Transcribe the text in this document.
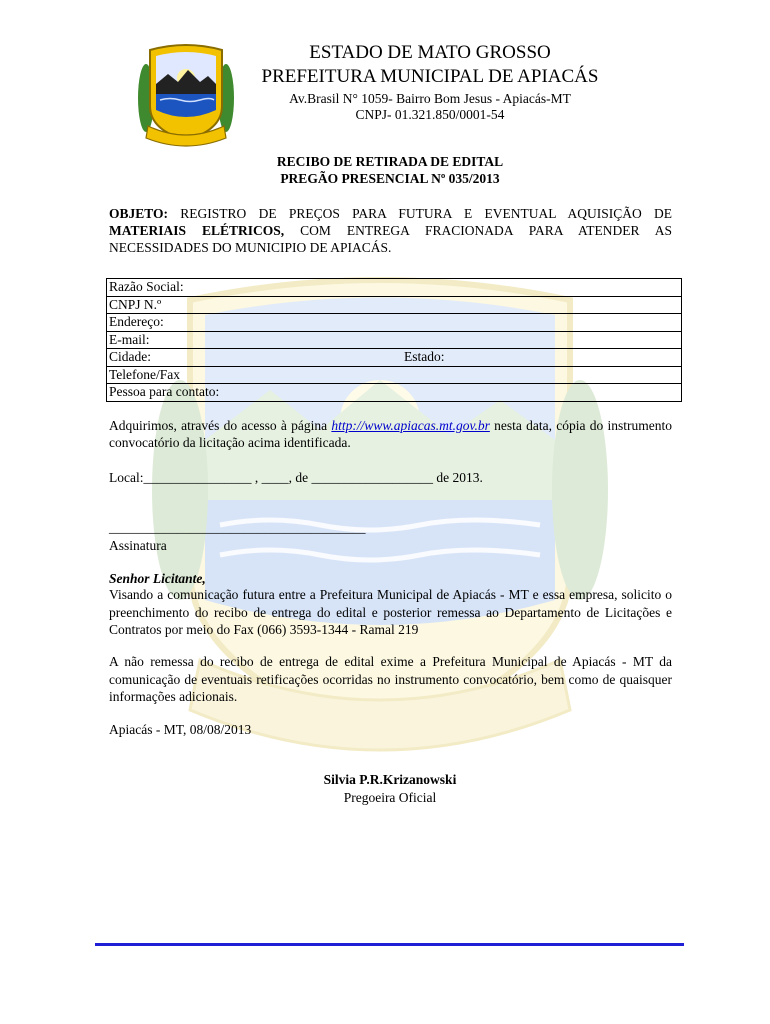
ESTADO DE MATO GROSSO
PREFEITURA MUNICIPAL DE APIACÁS
Av.Brasil N° 1059- Bairro Bom Jesus - Apiacás-MT
CNPJ- 01.321.850/0001-54
RECIBO DE RETIRADA DE EDITAL
PREGÃO PRESENCIAL Nº 035/2013
OBJETO: REGISTRO DE PREÇOS PARA FUTURA E EVENTUAL AQUISIÇÃO DE MATERIAIS ELÉTRICOS, COM ENTREGA FRACIONADA PARA ATENDER AS NECESSIDADES DO MUNICIPIO DE APIACÁS.
Razão Social:
CNPJ N.º
Endereço:
E-mail:
Cidade:	Estado:
Telefone/Fax
Pessoa para contato:
Adquirimos, através do acesso à página http://www.apiacas.mt.gov.br nesta data, cópia do instrumento convocatório da licitação acima identificada.
Local:________________ , ____, de __________________ de 2013.
______________________________________
Assinatura
Senhor Licitante,
Visando a comunicação futura entre a Prefeitura Municipal de Apiacás - MT e essa empresa, solicito o preenchimento do recibo de entrega do edital e posterior remessa ao Departamento de Licitações e Contratos por meio do Fax (066) 3593-1344 - Ramal 219
A não remessa do recibo de entrega de edital exime a Prefeitura Municipal de Apiacás - MT da comunicação de eventuais retificações ocorridas no instrumento convocatório, bem como de quaisquer informações adicionais.
Apiacás - MT, 08/08/2013
Silvia P.R.Krizanowski
Pregoeira Oficial
